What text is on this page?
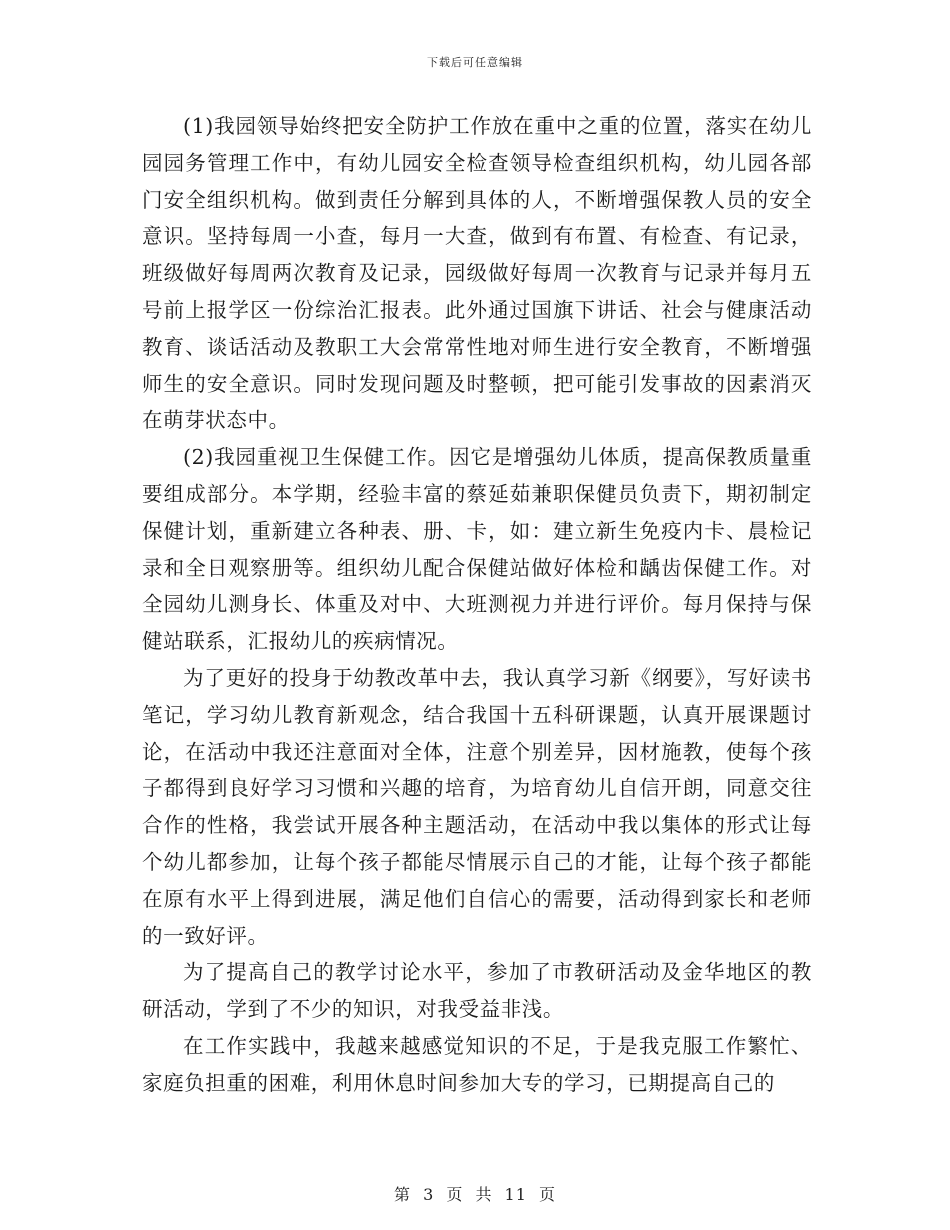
下载后可任意编辑

(1)我园领导始终把安全防护工作放在重中之重的位置，落实在幼儿园园务管理工作中，有幼儿园安全检查领导检查组织机构，幼儿园各部门安全组织机构。做到责任分解到具体的人，不断增强保教人员的安全意识。坚持每周一小查，每月一大查，做到有布置、有检查、有记录，班级做好每周两次教育及记录，园级做好每周一次教育与记录并每月五号前上报学区一份综治汇报表。此外通过国旗下讲话、社会与健康活动教育、谈话活动及教职工大会常常性地对师生进行安全教育，不断增强师生的安全意识。同时发现问题及时整顿，把可能引发事故的因素消灭在萌芽状态中。

(2)我园重视卫生保健工作。因它是增强幼儿体质，提高保教质量重要组成部分。本学期，经验丰富的蔡延茹兼职保健员负责下，期初制定保健计划，重新建立各种表、册、卡，如：建立新生免疫内卡、晨检记录和全日观察册等。组织幼儿配合保健站做好体检和龋齿保健工作。对全园幼儿测身长、体重及对中、大班测视力并进行评价。每月保持与保健站联系，汇报幼儿的疾病情况。

为了更好的投身于幼教改革中去，我认真学习新《纲要》，写好读书笔记，学习幼儿教育新观念，结合我国十五科研课题，认真开展课题讨论，在活动中我还注意面对全体，注意个别差异，因材施教，使每个孩子都得到良好学习习惯和兴趣的培育，为培育幼儿自信开朗，同意交往合作的性格，我尝试开展各种主题活动，在活动中我以集体的形式让每个幼儿都参加，让每个孩子都能尽情展示自己的才能，让每个孩子都能在原有水平上得到进展，满足他们自信心的需要，活动得到家长和老师的一致好评。

为了提高自己的教学讨论水平，参加了市教研活动及金华地区的教研活动，学到了不少的知识，对我受益非浅。

在工作实践中，我越来越感觉知识的不足，于是我克服工作繁忙、家庭负担重的困难，利用休息时间参加大专的学习，已期提高自己的

第 3 页 共 11 页
